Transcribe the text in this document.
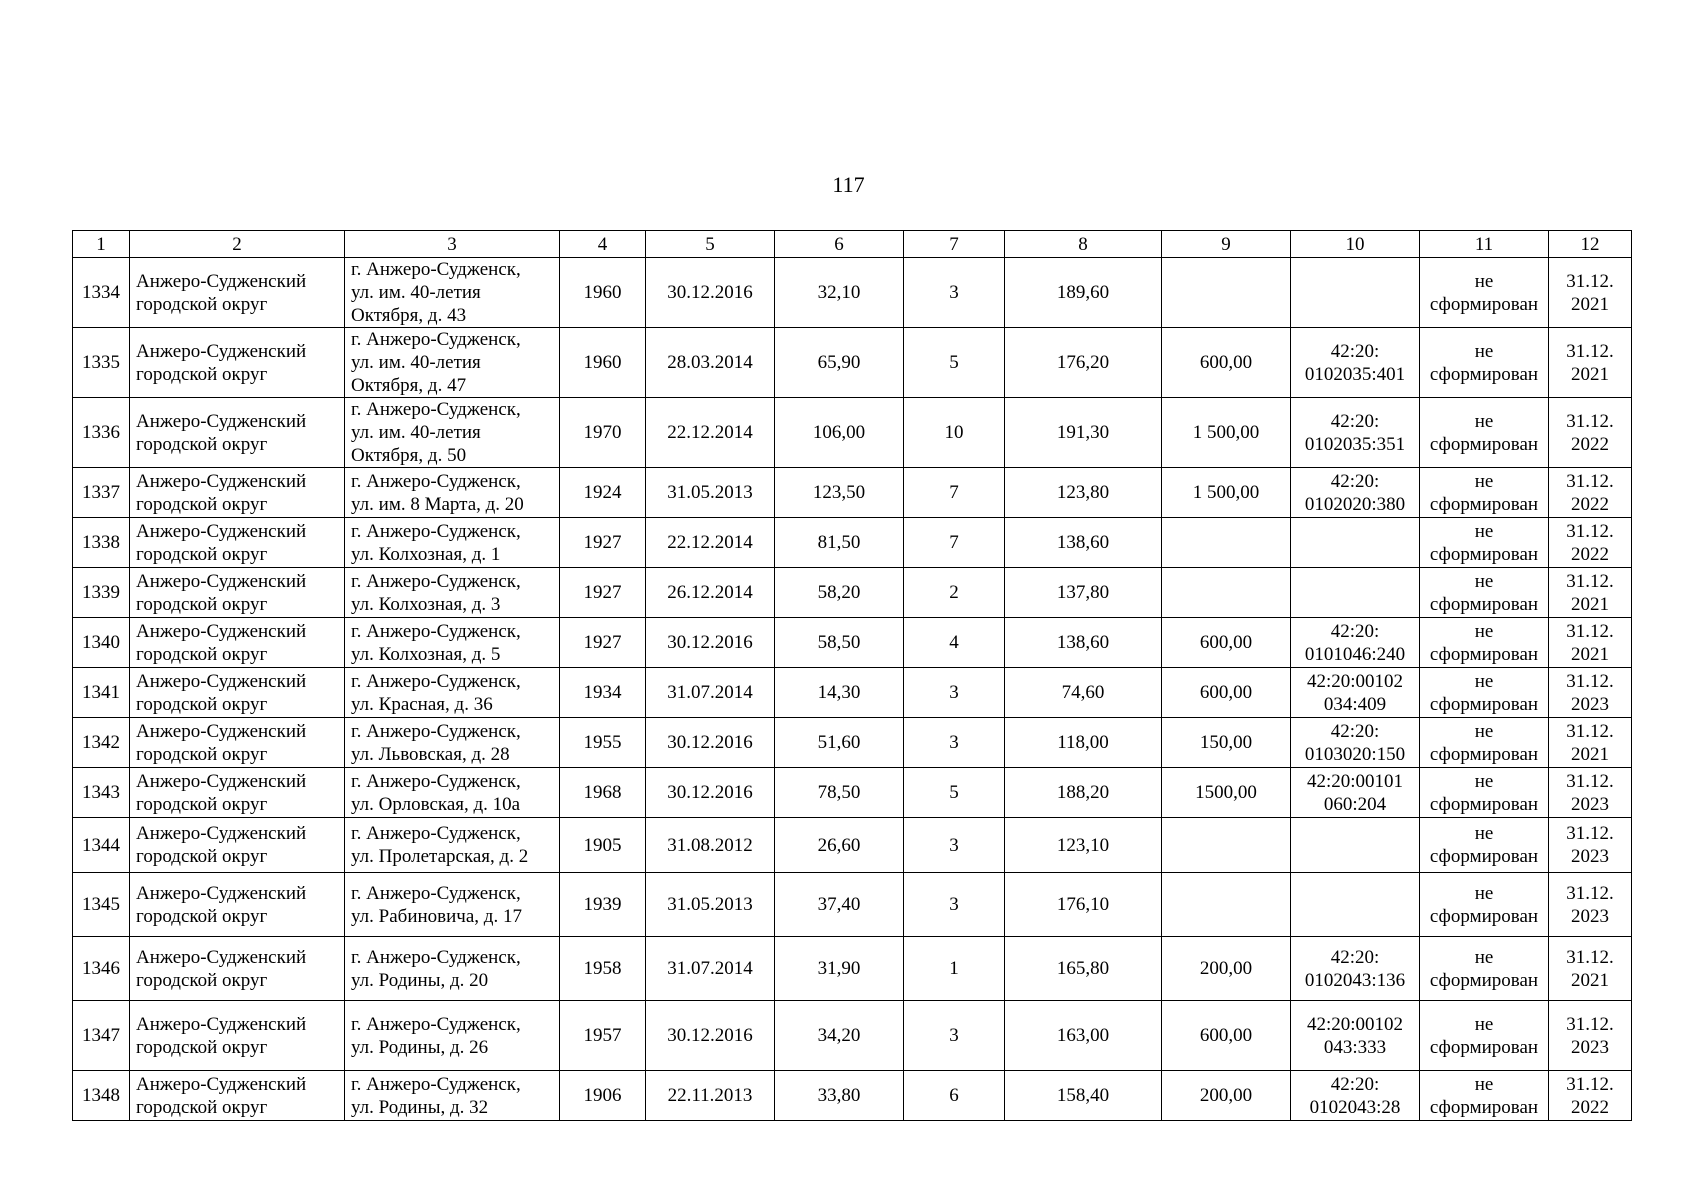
117
1	2	3	4	5	6	7	8	9	10	11	12

1334	Анжеро-Судженский
городской округ	г. Анжеро-Судженск,
ул. им. 40-летия
Октября, д. 43	1960	30.12.2016	32,10	3	189,60			не
сформирован	31.12.
2021

1335	Анжеро-Судженский
городской округ	г. Анжеро-Судженск,
ул. им. 40-летия
Октября, д. 47	1960	28.03.2014	65,90	5	176,20	600,00	42:20:
0102035:401	не
сформирован	31.12.
2021

1336	Анжеро-Судженский
городской округ	г. Анжеро-Судженск,
ул. им. 40-летия
Октября, д. 50	1970	22.12.2014	106,00	10	191,30	1 500,00	42:20:
0102035:351	не
сформирован	31.12.
2022

1337	Анжеро-Судженский
городской округ	г. Анжеро-Судженск,
ул. им. 8 Марта, д. 20	1924	31.05.2013	123,50	7	123,80	1 500,00	42:20:
0102020:380	не
сформирован	31.12.
2022

1338	Анжеро-Судженский
городской округ	г. Анжеро-Судженск,
ул. Колхозная, д. 1	1927	22.12.2014	81,50	7	138,60			не
сформирован	31.12.
2022

1339	Анжеро-Судженский
городской округ	г. Анжеро-Судженск,
ул. Колхозная, д. 3	1927	26.12.2014	58,20	2	137,80			не
сформирован	31.12.
2021

1340	Анжеро-Судженский
городской округ	г. Анжеро-Судженск,
ул. Колхозная, д. 5	1927	30.12.2016	58,50	4	138,60	600,00	42:20:
0101046:240	не
сформирован	31.12.
2021

1341	Анжеро-Судженский
городской округ	г. Анжеро-Судженск,
ул. Красная, д. 36	1934	31.07.2014	14,30	3	74,60	600,00	42:20:00102
034:409	не
сформирован	31.12.
2023

1342	Анжеро-Судженский
городской округ	г. Анжеро-Судженск,
ул. Львовская, д. 28	1955	30.12.2016	51,60	3	118,00	150,00	42:20:
0103020:150	не
сформирован	31.12.
2021

1343	Анжеро-Судженский
городской округ	г. Анжеро-Судженск,
ул. Орловская, д. 10а	1968	30.12.2016	78,50	5	188,20	1500,00	42:20:00101
060:204	не
сформирован	31.12.
2023

1344	Анжеро-Судженский
городской округ	г. Анжеро-Судженск,
ул. Пролетарская, д. 2	1905	31.08.2012	26,60	3	123,10			не
сформирован	31.12.
2023

1345	Анжеро-Судженский
городской округ	г. Анжеро-Судженск,
ул. Рабиновича, д. 17	1939	31.05.2013	37,40	3	176,10			не
сформирован	31.12.
2023

1346	Анжеро-Судженский
городской округ	г. Анжеро-Судженск,
ул. Родины, д. 20	1958	31.07.2014	31,90	1	165,80	200,00	42:20:
0102043:136	не
сформирован	31.12.
2021

1347	Анжеро-Судженский
городской округ	г. Анжеро-Судженск,
ул. Родины, д. 26	1957	30.12.2016	34,20	3	163,00	600,00	42:20:00102
043:333	не
сформирован	31.12.
2023

1348	Анжеро-Судженский
городской округ	г. Анжеро-Судженск,
ул. Родины, д. 32	1906	22.11.2013	33,80	6	158,40	200,00	42:20:
0102043:28	не
сформирован	31.12.
2022
